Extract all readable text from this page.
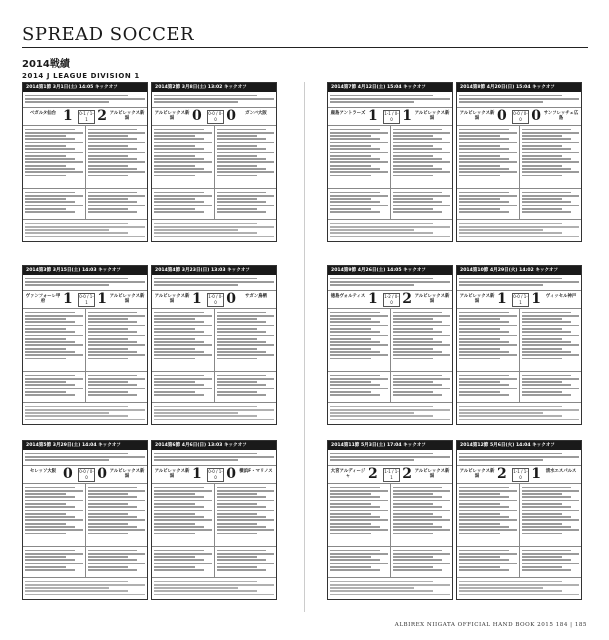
SPREAD SOCCER
2014戦績
2014 J LEAGUE DIVISION 1
2014第1節 3月1日(土) 14:05 キックオフ
ベガルタ仙台 1	0-1 / 1-1 2 アルビレックス新潟
2014第2節 3月8日(土) 13:02 キックオフ
アルビレックス新潟	0	0-0 / 0-0 0	ガンバ大阪
2014第7節 4月12日(土) 15:04 キックオフ
鹿島アントラーズ 1	1-1 / 0-0 1 アルビレックス新潟
2014第8節 4月20日(日) 15:04 キックオフ
アルビレックス新潟	0	0-0 / 0-0 0 サンフレッチェ広島
2014第3節 3月15日(土) 14:03 キックオフ
ヴァンフォーレ甲府	1	0-0 / 1-1 1 アルビレックス新潟
2014第4節 3月23日(日) 13:03 キックオフ
アルビレックス新潟	1	1-0 / 0-0 0	サガン鳥栖
2014第9節 4月26日(土) 14:05 キックオフ
徳島ヴォルティス 1	1-2 / 0-0 2 アルビレックス新潟
2014第10節 4月29日(火) 14:02 キックオフ
アルビレックス新潟	1	0-0 / 1-1 1	ヴィッセル神戸
2014第5節 3月29日(土) 14:04 キックオフ
セレッソ大阪 0	0-0 / 0-0 0 アルビレックス新潟
2014第6節 4月6日(日) 13:03 キックオフ
アルビレックス新潟	1	0-0 / 1-0 0 横浜F・マリノス
2014第11節 5月3日(土) 17:04 キックオフ
大宮アルディージャ	2	1-1 / 1-1 2 アルビレックス新潟
2014第12節 5月6日(火) 14:04 キックオフ
アルビレックス新潟	2	1-1 / 1-0 1	清水エスパルス
ALBIREX NIIGATA OFFICIAL HAND BOOK 2015 184 | 185
